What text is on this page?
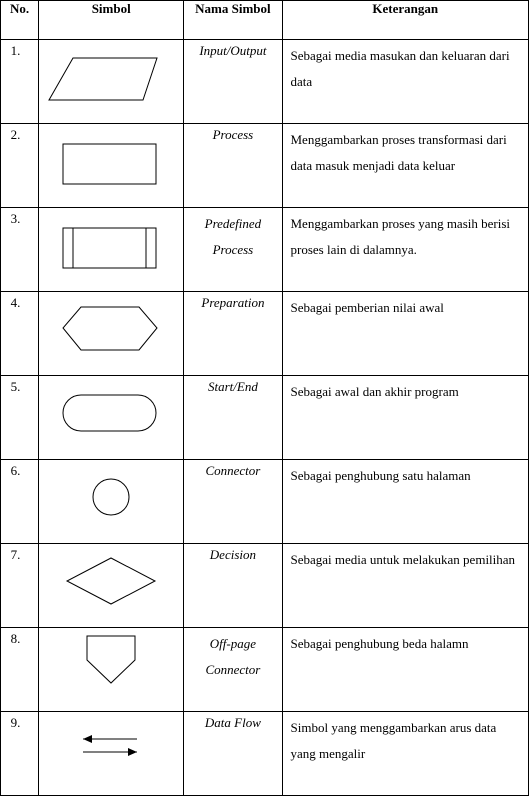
No.	Simbol	Nama Simbol	Keterangan
1.		Input/Output	Sebagai media masukan dan keluaran dari data
2.		Process	Menggambarkan proses transformasi dari data masuk menjadi data keluar
3.		Predefined Process	Menggambarkan proses yang masih berisi proses lain di dalamnya.
4.		Preparation	Sebagai pemberian nilai awal
5.		Start/End	Sebagai awal dan akhir program
6.		Connector	Sebagai penghubung satu halaman
7.		Decision	Sebagai media untuk melakukan pemilihan
8.		Off-page Connector	Sebagai penghubung beda halamn
9.		Data Flow	Simbol yang menggambarkan arus data yang mengalir
